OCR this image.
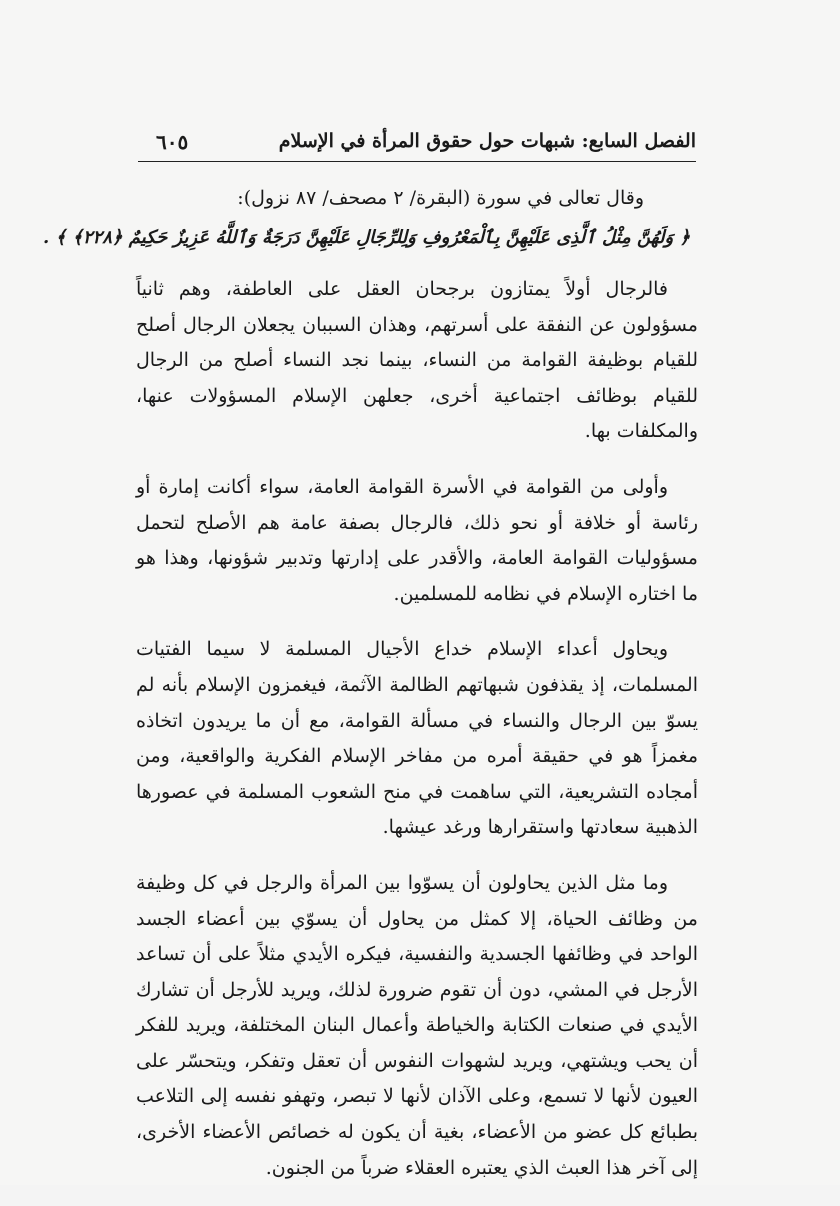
الفصل السابع: شبهات حول حقوق المرأة في الإسلام
٦٠٥

وقال تعالى في سورة (البقرة/ ٢ مصحف/ ٨٧ نزول):

﴿ وَلَهُنَّ مِثْلُ ٱلَّذِى عَلَيْهِنَّ بِٱلْمَعْرُوفِ وَلِلرِّجَالِ عَلَيْهِنَّ دَرَجَةٌ وَٱللَّهُ عَزِيزٌ حَكِيمٌ ﴿٢٢٨﴾ ﴾ .

فالرجال أولاً يمتازون برجحان العقل على العاطفة، وهم ثانياً مسؤولون عن النفقة على أسرتهم، وهذان السببان يجعلان الرجال أصلح للقيام بوظيفة القوامة من النساء، بينما نجد النساء أصلح من الرجال للقيام بوظائف اجتماعية أخرى، جعلهن الإسلام المسؤولات عنها، والمكلفات بها.

وأولى من القوامة في الأسرة القوامة العامة، سواء أكانت إمارة أو رئاسة أو خلافة أو نحو ذلك، فالرجال بصفة عامة هم الأصلح لتحمل مسؤوليات القوامة العامة، والأقدر على إدارتها وتدبير شؤونها، وهذا هو ما اختاره الإسلام في نظامه للمسلمين.

ويحاول أعداء الإسلام خداع الأجيال المسلمة لا سيما الفتيات المسلمات، إذ يقذفون شبهاتهم الظالمة الآثمة، فيغمزون الإسلام بأنه لم يسوّ بين الرجال والنساء في مسألة القوامة، مع أن ما يريدون اتخاذه مغمزاً هو في حقيقة أمره من مفاخر الإسلام الفكرية والواقعية، ومن أمجاده التشريعية، التي ساهمت في منح الشعوب المسلمة في عصورها الذهبية سعادتها واستقرارها ورغد عيشها.

وما مثل الذين يحاولون أن يسوّوا بين المرأة والرجل في كل وظيفة من وظائف الحياة، إلا كمثل من يحاول أن يسوّي بين أعضاء الجسد الواحد في وظائفها الجسدية والنفسية، فيكره الأيدي مثلاً على أن تساعد الأرجل في المشي، دون أن تقوم ضرورة لذلك، ويريد للأرجل أن تشارك الأيدي في صنعات الكتابة والخياطة وأعمال البنان المختلفة، ويريد للفكر أن يحب ويشتهي، ويريد لشهوات النفوس أن تعقل وتفكر، ويتحسّر على العيون لأنها لا تسمع، وعلى الآذان لأنها لا تبصر، وتهفو نفسه إلى التلاعب بطبائع كل عضو من الأعضاء، بغية أن يكون له خصائص الأعضاء الأخرى، إلى آخر هذا العبث الذي يعتبره العقلاء ضرباً من الجنون.
